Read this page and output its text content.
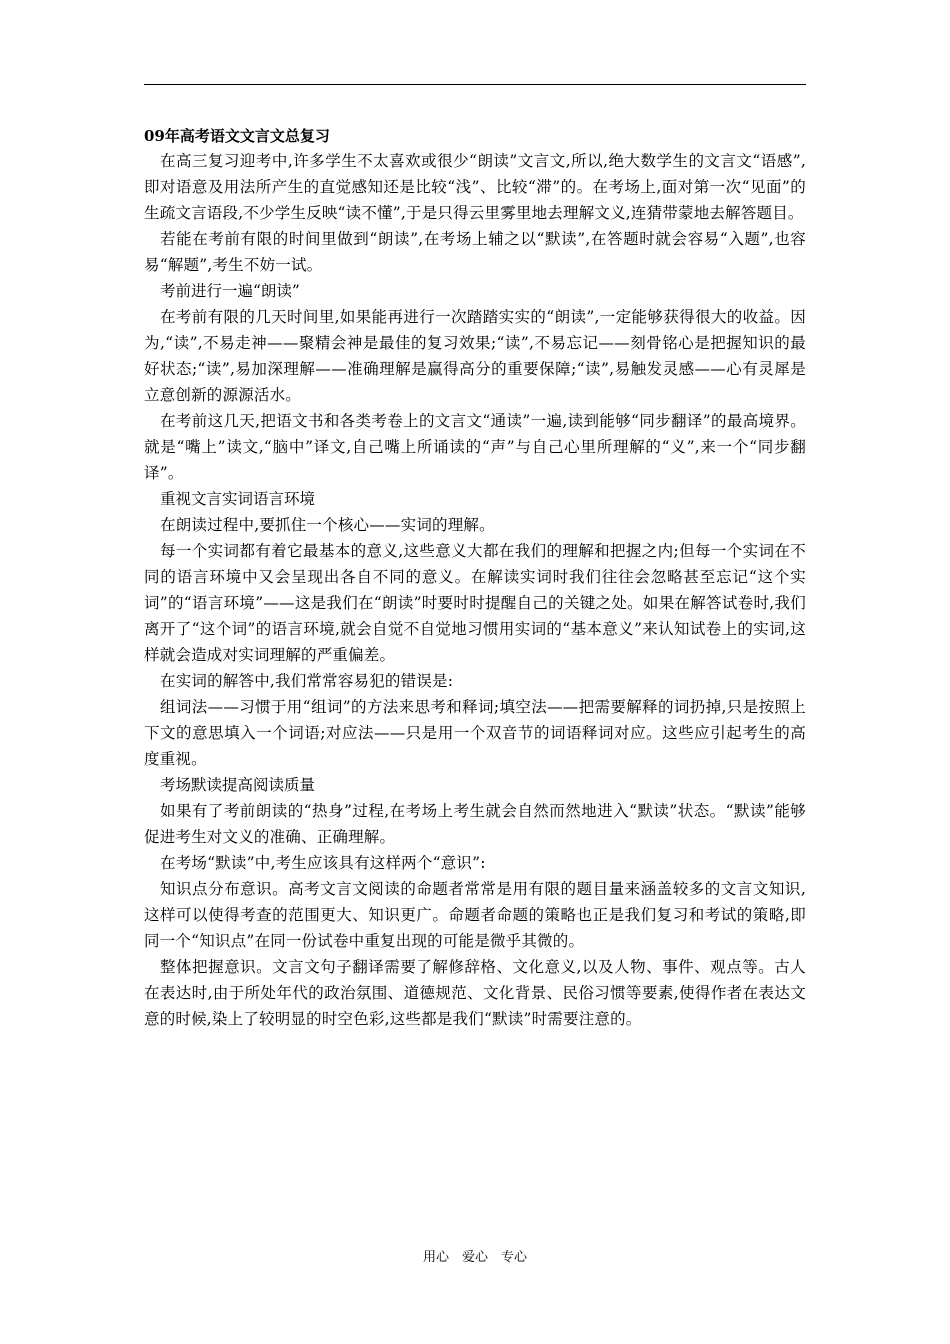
09年高考语文文言文总复习

在高三复习迎考中,许多学生不太喜欢或很少“朗读”文言文,所以,绝大数学生的文言文“语感”,即对语意及用法所产生的直觉感知还是比较“浅”、比较“滞”的。在考场上,面对第一次“见面”的生疏文言语段,不少学生反映“读不懂”,于是只得云里雾里地去理解文义,连猜带蒙地去解答题目。

若能在考前有限的时间里做到“朗读”,在考场上辅之以“默读”,在答题时就会容易“入题”,也容易“解题”,考生不妨一试。

考前进行一遍“朗读”

在考前有限的几天时间里,如果能再进行一次踏踏实实的“朗读”,一定能够获得很大的收益。因为,“读”,不易走神——聚精会神是最佳的复习效果;“读”,不易忘记——刻骨铭心是把握知识的最好状态;“读”,易加深理解——准确理解是赢得高分的重要保障;“读”,易触发灵感——心有灵犀是立意创新的源源活水。

在考前这几天,把语文书和各类考卷上的文言文“通读”一遍,读到能够“同步翻译”的最高境界。就是“嘴上”读文,“脑中”译文,自己嘴上所诵读的“声”与自己心里所理解的“义”,来一个“同步翻译”。

重视文言实词语言环境

在朗读过程中,要抓住一个核心——实词的理解。

每一个实词都有着它最基本的意义,这些意义大都在我们的理解和把握之内;但每一个实词在不同的语言环境中又会呈现出各自不同的意义。在解读实词时我们往往会忽略甚至忘记“这个实词”的“语言环境”——这是我们在“朗读”时要时时提醒自己的关键之处。如果在解答试卷时,我们离开了“这个词”的语言环境,就会自觉不自觉地习惯用实词的“基本意义”来认知试卷上的实词,这样就会造成对实词理解的严重偏差。

在实词的解答中,我们常常容易犯的错误是:

组词法——习惯于用“组词”的方法来思考和释词;填空法——把需要解释的词扔掉,只是按照上下文的意思填入一个词语;对应法——只是用一个双音节的词语释词对应。这些应引起考生的高度重视。

考场默读提高阅读质量

如果有了考前朗读的“热身”过程,在考场上考生就会自然而然地进入“默读”状态。“默读”能够促进考生对文义的准确、正确理解。

在考场“默读”中,考生应该具有这样两个“意识”:

知识点分布意识。高考文言文阅读的命题者常常是用有限的题目量来涵盖较多的文言文知识,这样可以使得考查的范围更大、知识更广。命题者命题的策略也正是我们复习和考试的策略,即同一个“知识点”在同一份试卷中重复出现的可能是微乎其微的。

整体把握意识。文言文句子翻译需要了解修辞格、文化意义,以及人物、事件、观点等。古人在表达时,由于所处年代的政治氛围、道德规范、文化背景、民俗习惯等要素,使得作者在表达文意的时候,染上了较明显的时空色彩,这些都是我们“默读”时需要注意的。

用心　爱心　专心
